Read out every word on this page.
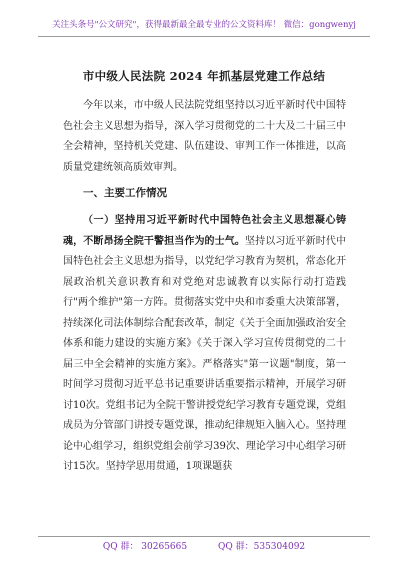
关注头条号"公文研究"，获得最新最全最专业的公文资料库！ 微信：gongwenyj
市中级人民法院 2024 年抓基层党建工作总结

今年以来，市中级人民法院党组坚持以习近平新时代中国特色社会主义思想为指导，深入学习贯彻党的二十大及二十届三中全会精神，坚持机关党建、队伍建设、审判工作一体推进，以高质量党建统领高质效审判。

一、主要工作情况

（一）坚持用习近平新时代中国特色社会主义思想凝心铸魂，不断昂扬全院干警担当作为的士气。坚持以习近平新时代中国特色社会主义思想为指导，以党纪学习教育为契机，常态化开展政治机关意识教育和对党绝对忠诚教育以实际行动打造践行"两个维护"第一方阵。贯彻落实党中央和市委重大决策部署，持续深化司法体制综合配套改革，制定《关于全面加强政治安全体系和能力建设的实施方案》《关于深入学习宣传贯彻党的二十届三中全会精神的实施方案》。严格落实"第一议题"制度，第一时间学习贯彻习近平总书记重要讲话重要指示精神，开展学习研讨10次。党组书记为全院干警讲授党纪学习教育专题党课，党组成员为分管部门讲授专题党课，推动纪律规矩入脑入心。坚持理论中心组学习，组织党组会前学习39次、理论学习中心组学习研讨15次。坚持学思用贯通，1项课题获

QQ 群： 30265665	QQ 群：535304092
